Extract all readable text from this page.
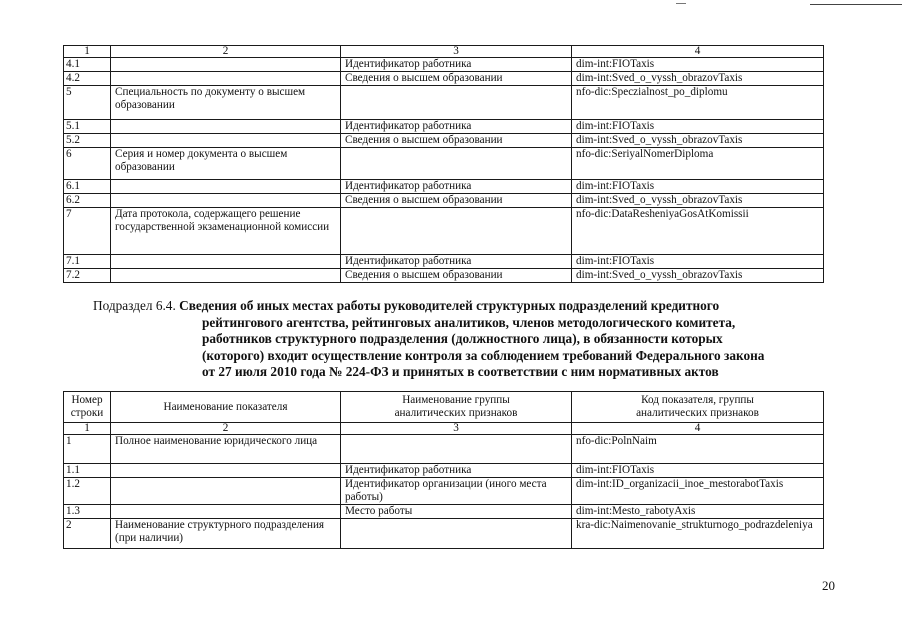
1	2	3	4
4.1		Идентификатор работника	dim-int:FIOTaxis
4.2		Сведения о высшем образовании	dim-int:Sved_o_vyssh_obrazovTaxis
5	Специальность по документу о высшем образовании		nfo-dic:Speczialnost_po_diplomu
5.1		Идентификатор работника	dim-int:FIOTaxis
5.2		Сведения о высшем образовании	dim-int:Sved_o_vyssh_obrazovTaxis
6	Серия и номер документа о высшем образовании		nfo-dic:SeriyalNomerDiploma
6.1		Идентификатор работника	dim-int:FIOTaxis
6.2		Сведения о высшем образовании	dim-int:Sved_o_vyssh_obrazovTaxis
7	Дата протокола, содержащего решение государственной экзаменационной комиссии		nfo-dic:DataResheniyaGosAtKomissii
7.1		Идентификатор работника	dim-int:FIOTaxis
7.2		Сведения о высшем образовании	dim-int:Sved_o_vyssh_obrazovTaxis
Подраздел 6.4. Сведения об иных местах работы руководителей структурных подразделений кредитного
рейтингового агентства, рейтинговых аналитиков, членов методологического комитета,
работников структурного подразделения (должностного лица), в обязанности которых
(которого) входит осуществление контроля за соблюдением требований Федерального закона
от 27 июля 2010 года № 224-ФЗ и принятых в соответствии с ним нормативных актов
Номер строки	Наименование показателя	Наименование группы аналитических признаков	Код показателя, группы аналитических признаков
1	2	3	4
1	Полное наименование юридического лица		nfo-dic:PolnNaim
1.1		Идентификатор работника	dim-int:FIOTaxis
1.2		Идентификатор организации (иного места работы)	dim-int:ID_organizacii_inoe_mestorabotTaxis
1.3		Место работы	dim-int:Mesto_rabotyAxis
2	Наименование структурного подразделения (при наличии)		kra-dic:Naimenovanie_strukturnogo_podrazdeleniya
20
